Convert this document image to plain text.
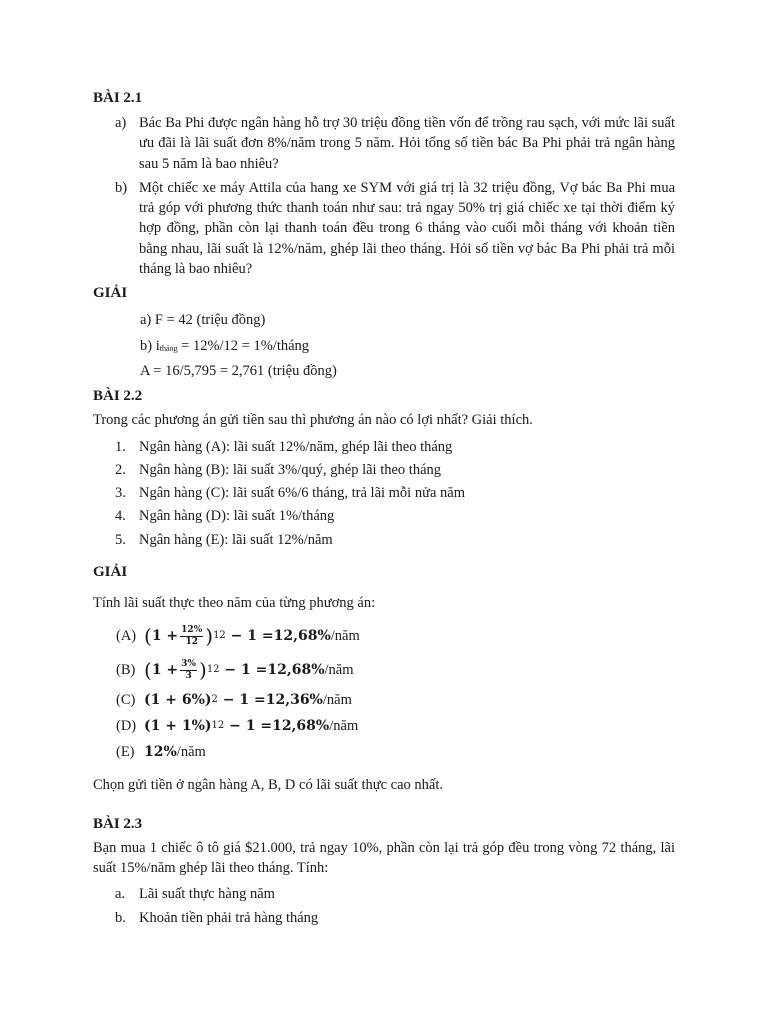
BÀI 2.1

a) Bác Ba Phi được ngân hàng hỗ trợ 30 triệu đồng tiền vốn để trồng rau sạch, với mức lãi suất ưu đãi là lãi suất đơn 8%/năm trong 5 năm. Hỏi tổng số tiền bác Ba Phi phải trả ngân hàng sau 5 năm là bao nhiêu?
b) Một chiếc xe máy Attila của hang xe SYM với giá trị là 32 triệu đồng, Vợ bác Ba Phi mua trả góp với phương thức thanh toán như sau: trả ngay 50% trị giá chiếc xe tại thời điểm ký hợp đồng, phần còn lại thanh toán đều trong 6 tháng vào cuối mỗi tháng với khoản tiền bằng nhau, lãi suất là 12%/năm, ghép lãi theo tháng. Hỏi số tiền vợ bác Ba Phi phải trả mỗi tháng là bao nhiêu?

GIẢI

a) F = 42 (triệu đồng)
b) $i_{tháng} = 12\%/12$ = 1%/tháng
A = 16/5,795 = 2,761 (triệu đồng)

BÀI 2.2

Trong các phương án gửi tiền sau thì phương án nào có lợi nhất? Giải thích.

1. Ngân hàng (A): lãi suất 12%/năm, ghép lãi theo tháng
2. Ngân hàng (B): lãi suất 3%/quý, ghép lãi theo tháng
3. Ngân hàng (C): lãi suất 6%/6 tháng, trả lãi mỗi nửa năm
4. Ngân hàng (D): lãi suất 1%/tháng
5. Ngân hàng (E): lãi suất 12%/năm

GIẢI

Tính lãi suất thực theo năm của từng phương án:

(A) ( $1 + \frac{12\%}{12}$ ) 12 − 1 = 12,68% /năm
(B) ( $1 + \frac{3\%}{3}$ ) 12 − 1 = 12,68% /năm
(C) (1 + 6%) 2 − 1 = 12,36% /năm
(D) (1 + 1%) 12 − 1 = 12,68% /năm
(E) 12% /năm

Chọn gửi tiền ở ngân hàng A, B, D có lãi suất thực cao nhất.

BÀI 2.3

Bạn mua 1 chiếc ô tô giá $21.000, trả ngay 10%, phần còn lại trả góp đều trong vòng 72 tháng, lãi suất 15%/năm ghép lãi theo tháng. Tính:

a. Lãi suất thực hàng năm
b. Khoản tiền phải trả hàng tháng
